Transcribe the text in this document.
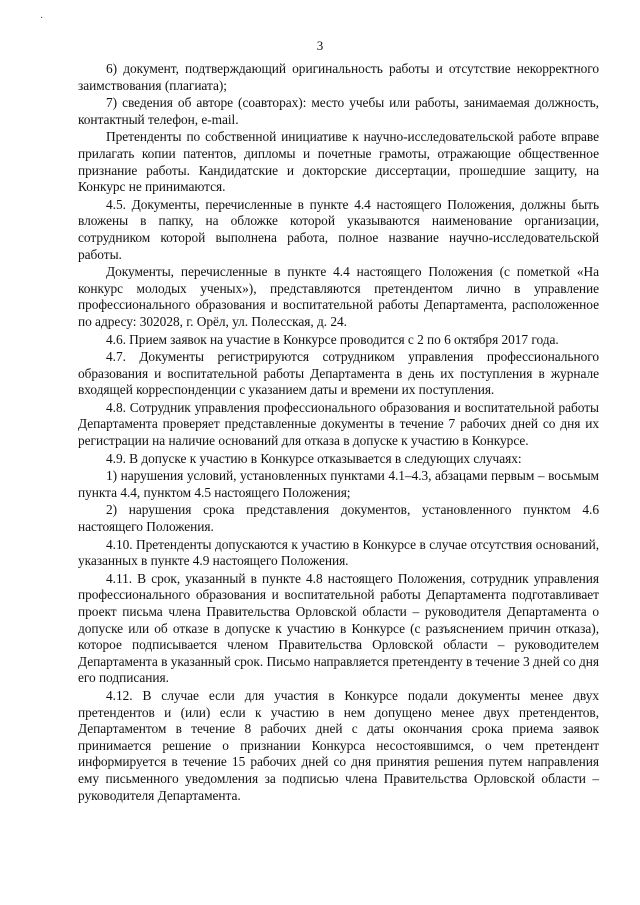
·
3

6) документ, подтверждающий оригинальность работы и отсутствие некорректного заимствования (плагиата);

7) сведения об авторе (соавторах): место учебы или работы, занимаемая должность, контактный телефон, e-mail.

Претенденты по собственной инициативе к научно-исследовательской работе вправе прилагать копии патентов, дипломы и почетные грамоты, отражающие общественное признание работы. Кандидатские и докторские диссертации, прошедшие защиту, на Конкурс не принимаются.

4.5. Документы, перечисленные в пункте 4.4 настоящего Положения, должны быть вложены в папку, на обложке которой указываются наименование организации, сотрудником которой выполнена работа, полное название научно-исследовательской работы.

Документы, перечисленные в пункте 4.4 настоящего Положения (с пометкой «На конкурс молодых ученых»), представляются претендентом лично в управление профессионального образования и воспитательной работы Департамента, расположенное по адресу: 302028, г. Орёл, ул. Полесская, д. 24.

4.6. Прием заявок на участие в Конкурсе проводится с 2 по 6 октября 2017 года.

4.7. Документы регистрируются сотрудником управления профессионального образования и воспитательной работы Департамента в день их поступления в журнале входящей корреспонденции с указанием даты и времени их поступления.

4.8. Сотрудник управления профессионального образования и воспитательной работы Департамента проверяет представленные документы в течение 7 рабочих дней со дня их регистрации на наличие оснований для отказа в допуске к участию в Конкурсе.

4.9. В допуске к участию в Конкурсе отказывается в следующих случаях:

1) нарушения условий, установленных пунктами 4.1–4.3, абзацами первым – восьмым пункта 4.4, пунктом 4.5 настоящего Положения;

2) нарушения срока представления документов, установленного пунктом 4.6 настоящего Положения.

4.10. Претенденты допускаются к участию в Конкурсе в случае отсутствия оснований, указанных в пункте 4.9 настоящего Положения.

4.11. В срок, указанный в пункте 4.8 настоящего Положения, сотрудник управления профессионального образования и воспитательной работы Департамента подготавливает проект письма члена Правительства Орловской области – руководителя Департамента о допуске или об отказе в допуске к участию в Конкурсе (с разъяснением причин отказа), которое подписывается членом Правительства Орловской области – руководителем Департамента в указанный срок. Письмо направляется претенденту в течение 3 дней со дня его подписания.

4.12. В случае если для участия в Конкурсе подали документы менее двух претендентов и (или) если к участию в нем допущено менее двух претендентов, Департаментом в течение 8 рабочих дней с даты окончания срока приема заявок принимается решение о признании Конкурса несостоявшимся, о чем претендент информируется в течение 15 рабочих дней со дня принятия решения путем направления ему письменного уведомления за подписью члена Правительства Орловской области – руководителя Департамента.
